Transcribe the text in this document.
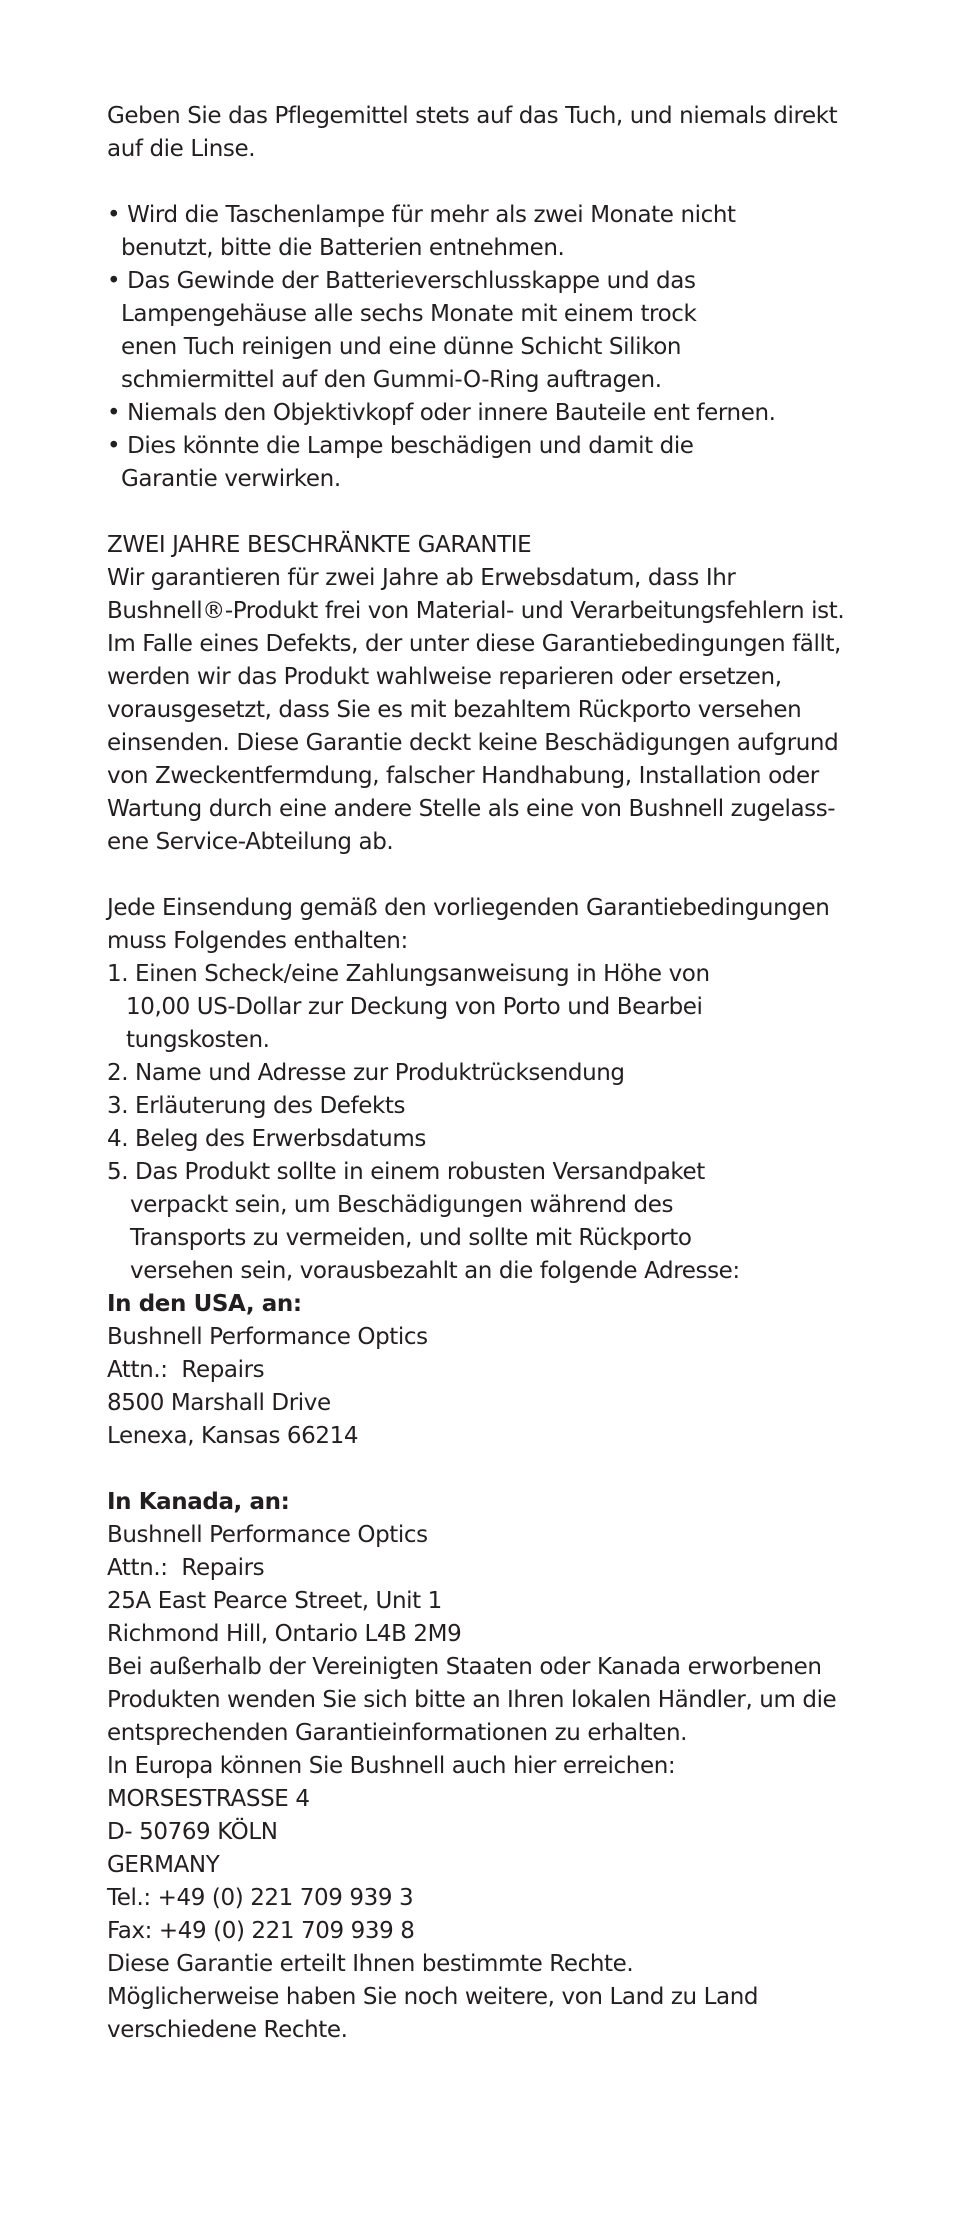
Geben Sie das Pflegemittel stets auf das Tuch, und niemals direkt
auf die Linse.
• Wird die Taschenlampe für mehr als zwei Monate nicht
benutzt, bitte die Batterien entnehmen.
• Das Gewinde der Batterieverschlusskappe und das
Lampengehäuse alle sechs Monate mit einem trock
enen Tuch reinigen und eine dünne Schicht Silikon
schmiermittel auf den Gummi-O-Ring auftragen.
• Niemals den Objektivkopf oder innere Bauteile ent fernen.
• Dies könnte die Lampe beschädigen und damit die
Garantie verwirken.
ZWEI JAHRE BESCHRÄNKTE GARANTIE
Wir garantieren für zwei Jahre ab Erwebsdatum, dass Ihr
Bushnell®-Produkt frei von Material- und Verarbeitungsfehlern ist.
Im Falle eines Defekts, der unter diese Garantiebedingungen fällt,
werden wir das Produkt wahlweise reparieren oder ersetzen,
vorausgesetzt, dass Sie es mit bezahltem Rückporto versehen
einsenden. Diese Garantie deckt keine Beschädigungen aufgrund
von Zweckentfermdung, falscher Handhabung, Installation oder
Wartung durch eine andere Stelle als eine von Bushnell zugelass-
ene Service-Abteilung ab.
Jede Einsendung gemäß den vorliegenden Garantiebedingungen
muss Folgendes enthalten:
1. Einen Scheck/eine Zahlungsanweisung in Höhe von
10,00 US-Dollar zur Deckung von Porto und Bearbei
tungskosten.
2. Name und Adresse zur Produktrücksendung
3. Erläuterung des Defekts
4. Beleg des Erwerbsdatums
5. Das Produkt sollte in einem robusten Versandpaket
verpackt sein, um Beschädigungen während des
Transports zu vermeiden, und sollte mit Rückporto
versehen sein, vorausbezahlt an die folgende Adresse:
In den USA, an:
Bushnell Performance Optics
Attn.:  Repairs
8500 Marshall Drive
Lenexa, Kansas 66214
In Kanada, an:
Bushnell Performance Optics
Attn.:  Repairs
25A East Pearce Street, Unit 1
Richmond Hill, Ontario L4B 2M9
Bei außerhalb der Vereinigten Staaten oder Kanada erworbenen
Produkten wenden Sie sich bitte an Ihren lokalen Händler, um die
entsprechenden Garantieinformationen zu erhalten.
In Europa können Sie Bushnell auch hier erreichen:
MORSESTRASSE 4
D- 50769 KÖLN
GERMANY
Tel.: +49 (0) 221 709 939 3
Fax: +49 (0) 221 709 939 8
Diese Garantie erteilt Ihnen bestimmte Rechte.
Möglicherweise haben Sie noch weitere, von Land zu Land
verschiedene Rechte.
